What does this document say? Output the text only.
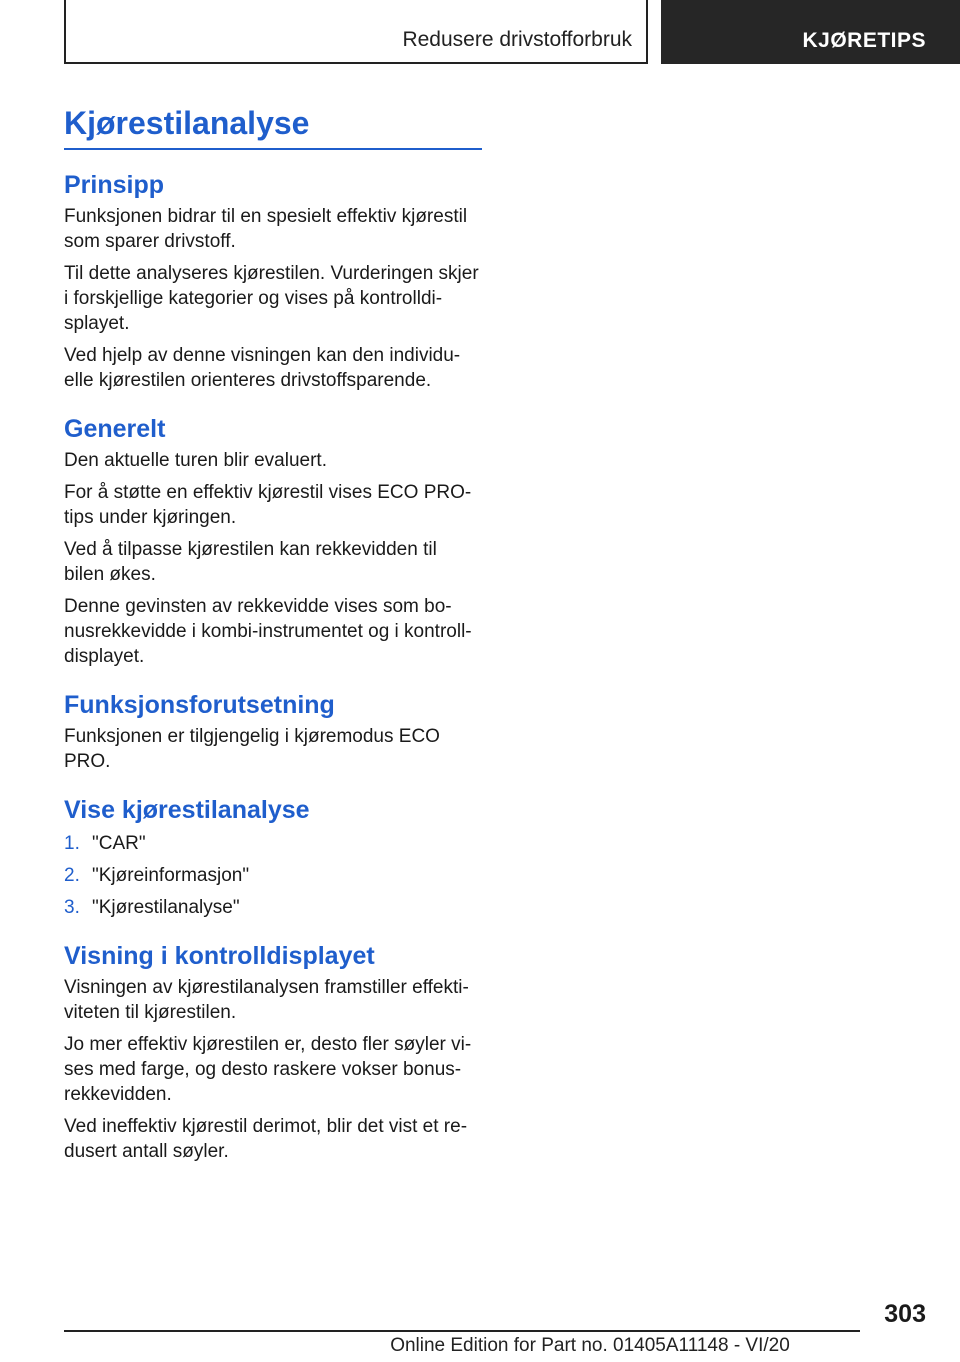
Redusere drivstofforbruk	KJØRETIPS
Kjørestilanalyse
Prinsipp

Funksjonen bidrar til en spesielt effektiv kjørestil som sparer drivstoff.

Til dette analyseres kjørestilen. Vurderingen skjer i forskjellige kategorier og vises på kontrolldi-splayet.

Ved hjelp av denne visningen kan den individu-elle kjørestilen orienteres drivstoffsparende.

Generelt

Den aktuelle turen blir evaluert.

For å støtte en effektiv kjørestil vises ECO PRO-tips under kjøringen.

Ved å tilpasse kjørestilen kan rekkevidden til bilen økes.

Denne gevinsten av rekkevidde vises som bo-nusrekkevidde i kombi-instrumentet og i kontroll-displayet.

Funksjonsforutsetning

Funksjonen er tilgjengelig i kjøremodus ECO PRO.

Vise kjørestilanalyse
1. "CAR"
2. "Kjøreinformasjon"
3. "Kjørestilanalyse"
Visning i kontrolldisplayet

Visningen av kjørestilanalysen framstiller effekti-viteten til kjørestilen.

Jo mer effektiv kjørestilen er, desto fler søyler vi-ses med farge, og desto raskere vokser bonus-rekkevidden.

Ved ineffektiv kjørestil derimot, blir det vist et re-dusert antall søyler.

303
Online Edition for Part no. 01405A11148 - VI/20
